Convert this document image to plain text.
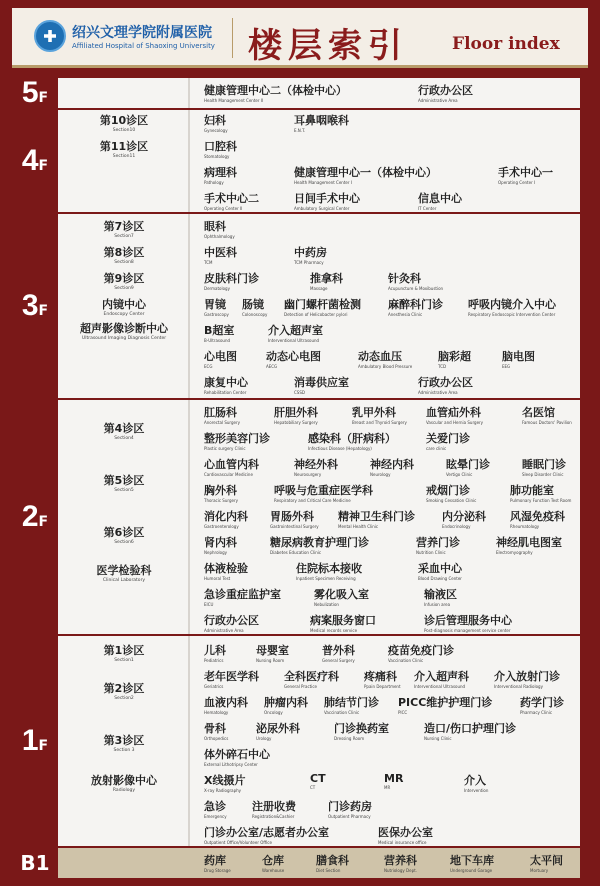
绍兴文理学院附属医院
Affiliated Hospital of Shaoxing University 楼层索引	Floor index
5 F	健康管理中心二（体检中心）
Health Management Center II
行政办公区
Administrative Area
4 F
第10诊区
Section10
第11诊区
Section11
妇科
Gynecology
耳鼻咽喉科
E.N.T.
口腔科
Stomatology
病理科
Pathology
健康管理中心一（体检中心）
Health Management Center I
手术中心一
Operating Center I
手术中心二
Operating Center II
日间手术中心
Ambulatory Surgical Center
信息中心
IT Center
3 F
第7诊区
Section7
第8诊区
Section8
第9诊区
Section9
内镜中心
Endoscopy Center
超声影像诊断中心
Ultrasound Imaging Diagnosis Center
眼科
Ophthalmology
中医科
TCM
中药房
TCM Pharmacy
皮肤科门诊
Dermatology
推拿科
Massage
针灸科
Acupuncture & Moxibustion
胃镜
Gastroscopy
肠镜
Colonoscopy
幽门螺杆菌检测
Detection of Helicobacter pylori
麻醉科门诊
Anesthesia Clinic
呼吸内镜介入中心
Respiratory Endoscopic Intervention Center
B超室
B-Ultrasound
介入超声室
Interventional Ultrasound
心电图
ECG
动态心电图
AECG
动态血压
Ambulatory Blood Pressure
脑彩超
TCD
脑电图
EEG
康复中心
Rehabilitation Center
消毒供应室
CSSD
行政办公区
Administrative Area
2 F
第4诊区
Section4
第5诊区
Section5
第6诊区
Section6
医学检验科
Clinical Laboratory
肛肠科
Anorectal Surgery
肝胆外科
Hepatobiliary Surgery
乳甲外科
Breast and Thyroid Surgery
血管疝外科
Vascular and Hernia Surgery
名医馆
Famous Doctors' Pavilion
整形美容门诊
Plastic surgery Clinic
感染科（肝病科）
Infectious Disease (Hepatology)
关爱门诊
care clinic
心血管内科
Cardiovascular Medicine
神经外科
Neurosurgery
神经内科
Neurology
眩晕门诊
Vertigo Clinic
睡眠门诊
Sleep Disorder Clinic
胸外科
Thoracic Surgery
呼吸与危重症医学科
Respiratory and Critical Care Medicine
戒烟门诊
Smoking Cessation Clinic
肺功能室
Pulmonary Function Test Room
消化内科
Gastroenterology
胃肠外科
Gastrointestinal Surgery
精神卫生科门诊
Mental Health Clinic
内分泌科
Endocrinology
风湿免疫科
Rheumatology
肾内科
Nephrology
糖尿病教育护理门诊
Diabetes Education Clinic
营养门诊
Nutrition Clinic
神经肌电图室
Electromyography
体液检验
Humoral Test
住院标本接收
Inpatient Specimen Receiving
采血中心
Blood Drawing Center
急诊重症监护室
EICU
雾化吸入室
Nebulization
输液区
Infusion area
行政办公区
Administrative Area
病案服务窗口
Medical records service
诊后管理服务中心
Post-diagnosis management service center
1 F
第1诊区
Section1
第2诊区
Section2
第3诊区
Section 3
放射影像中心
Radiology
儿科
Pediatrics
母婴室
Nursing Room
普外科
General Surgery
疫苗免疫门诊
Vaccination Clinic
老年医学科
Geriatrics
全科医疗科
General Practice
疼痛科
Ppain Department
介入超声科
Interventional Ultrasound
介入放射门诊
Interventional Radiology
血液内科
Hematology
肿瘤内科
Oncology
肺结节门诊
Vaccination Clinic
PICC维护护理门诊
PICC
药学门诊
Pharmacy Clinic
骨科
Orthopedics
泌尿外科
Urology
门诊换药室
Dressing Room
造口/伤口护理门诊
Nursing Clinic
体外碎石中心
External Lithotripsy Center
X线摄片
X-ray Radiography
CT
CT
MR
MR
介入
Intervention
急诊
Emergency
注册收费
Registration&Cashier
门诊药房
Outpatient Pharmacy
门诊办公室/志愿者办公室
Outpatient Office/Volunteer Office
医保办公室
Medical insurance office
B1	药库
Drug Storage
仓库
Warehouse
膳食科
Diet Section
营养科
Nutriology Dept.
地下车库
Underground Garage
太平间
Mortuary
